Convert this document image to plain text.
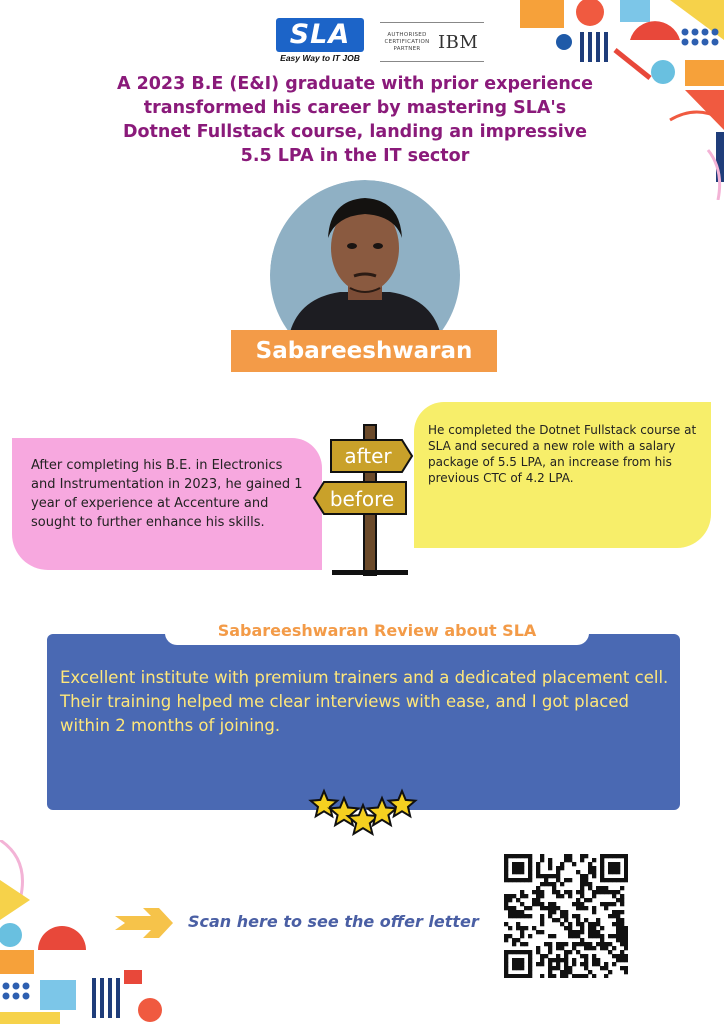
SLA
Easy Way to IT JOB
AUTHORISED CERTIFICATION PARTNER IBM
A 2023 B.E (E&I) graduate with prior experience
transformed his career by mastering SLA's
Dotnet Fullstack course, landing an impressive
5.5 LPA in the IT sector
Sabareeshwaran
After completing his B.E. in Electronics and Instrumentation in 2023, he gained 1 year of experience at Accenture and sought to further enhance his skills.
He completed the Dotnet Fullstack course at SLA and secured a new role with a salary package of 5.5 LPA, an increase from his previous CTC of 4.2 LPA.
after
before
Sabareeshwaran Review about SLA
Excellent institute with premium trainers and a dedicated placement cell. Their training helped me clear interviews with ease, and I got placed within 2 months of joining.
Scan here to see the offer letter
